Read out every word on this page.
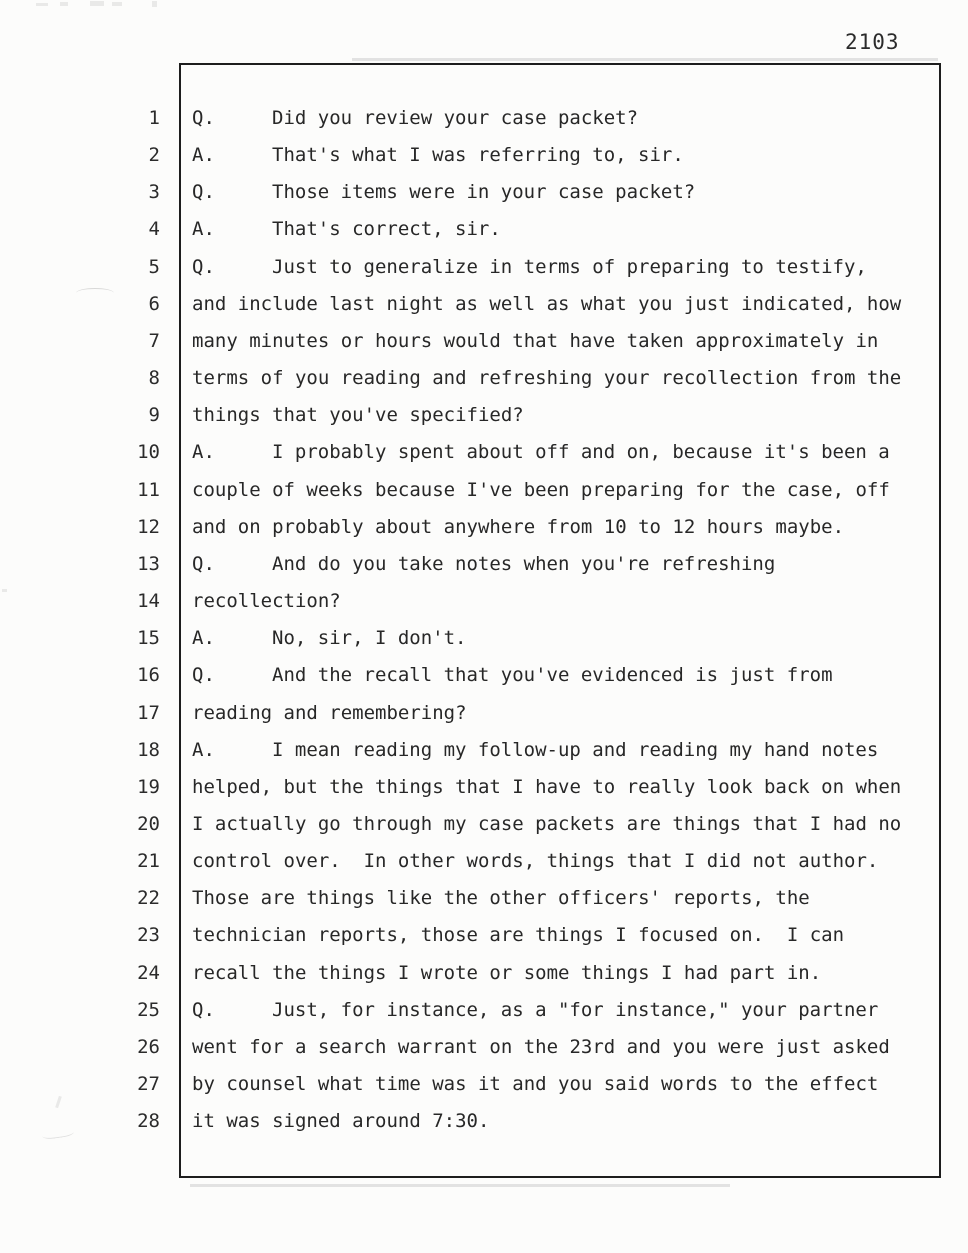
2103
1 Q.	Did you review your case packet?
2 A.	That's what I was referring to, sir.
3 Q.	Those items were in your case packet?
4 A.	That's correct, sir.
5 Q.	Just to generalize in terms of preparing to testify,
6 and include last night as well as what you just indicated, how
7 many minutes or hours would that have taken approximately in
8 terms of you reading and refreshing your recollection from the
9 things that you've specified?
10 A.	I probably spent about off and on, because it's been a
11 couple of weeks because I've been preparing for the case, off
12 and on probably about anywhere from 10 to 12 hours maybe.
13 Q.	And do you take notes when you're refreshing
14 recollection?
15 A.	No, sir, I don't.
16 Q.	And the recall that you've evidenced is just from
17 reading and remembering?
18 A.	I mean reading my follow-up and reading my hand notes
19 helped, but the things that I have to really look back on when
20 I actually go through my case packets are things that I had no
21 control over.  In other words, things that I did not author.
22 Those are things like the other officers' reports, the
23 technician reports, those are things I focused on.  I can
24 recall the things I wrote or some things I had part in.
25 Q.	Just, for instance, as a "for instance," your partner
26 went for a search warrant on the 23rd and you were just asked
27 by counsel what time was it and you said words to the effect
28 it was signed around 7:30.
